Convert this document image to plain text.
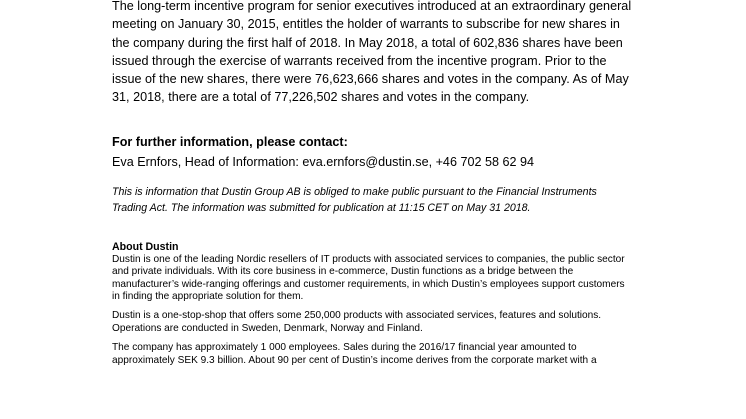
The long-term incentive program for senior executives introduced at an extraordinary general meeting on January 30, 2015, entitles the holder of warrants to subscribe for new shares in the company during the first half of 2018. In May 2018, a total of 602,836 shares have been issued through the exercise of warrants received from the incentive program. Prior to the issue of the new shares, there were 76,623,666 shares and votes in the company. As of May 31, 2018, there are a total of 77,226,502 shares and votes in the company.

For further information, please contact:

Eva Ernfors, Head of Information: eva.ernfors@dustin.se, +46 702 58 62 94

This is information that Dustin Group AB is obliged to make public pursuant to the Financial Instruments Trading Act. The information was submitted for publication at 11:15 CET on May 31 2018.

About Dustin

Dustin is one of the leading Nordic resellers of IT products with associated services to companies, the public sector and private individuals. With its core business in e-commerce, Dustin functions as a bridge between the manufacturer’s wide-ranging offerings and customer requirements, in which Dustin’s employees support customers in finding the appropriate solution for them.

Dustin is a one-stop-shop that offers some 250,000 products with associated services, features and solutions. Operations are conducted in Sweden, Denmark, Norway and Finland.

The company has approximately 1 000 employees. Sales during the 2016/17 financial year amounted to approximately SEK 9.3 billion. About 90 per cent of Dustin’s income derives from the corporate market with a
